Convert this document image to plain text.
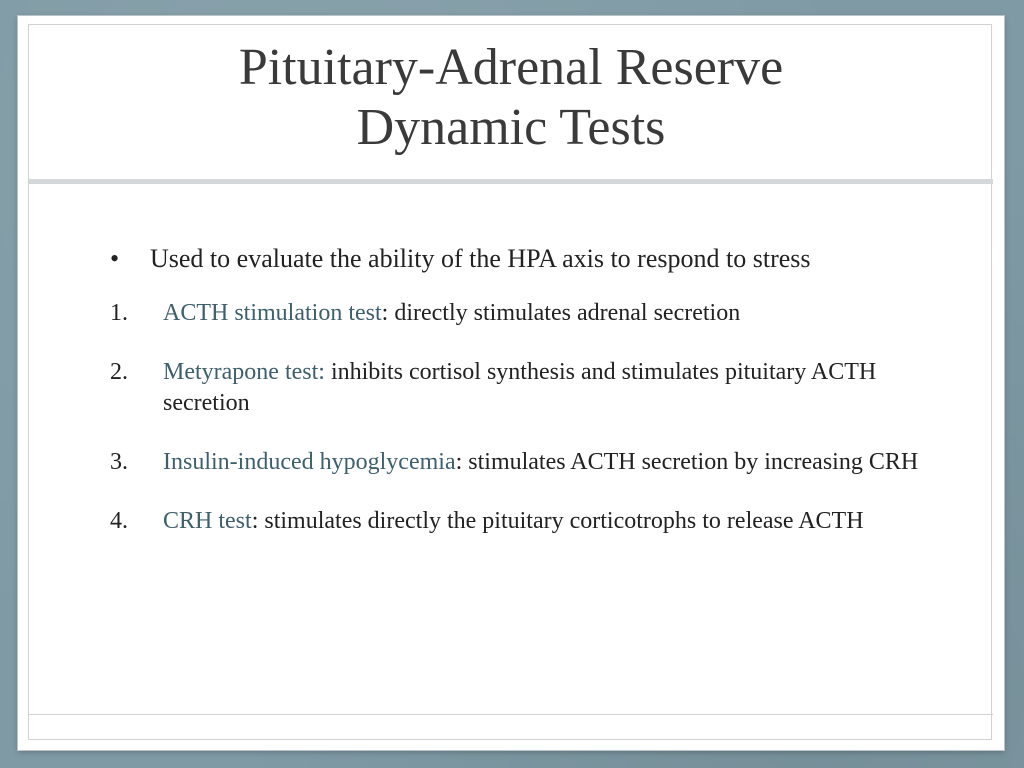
Pituitary-Adrenal Reserve
Dynamic Tests
•	Used to evaluate the ability of the HPA axis to respond to stress
1.	ACTH stimulation test: directly stimulates adrenal secretion
2.	Metyrapone test: inhibits cortisol synthesis and stimulates pituitary ACTH secretion
3.	Insulin-induced hypoglycemia: stimulates ACTH secretion by increasing CRH
4.	CRH test: stimulates directly the pituitary corticotrophs to release ACTH
